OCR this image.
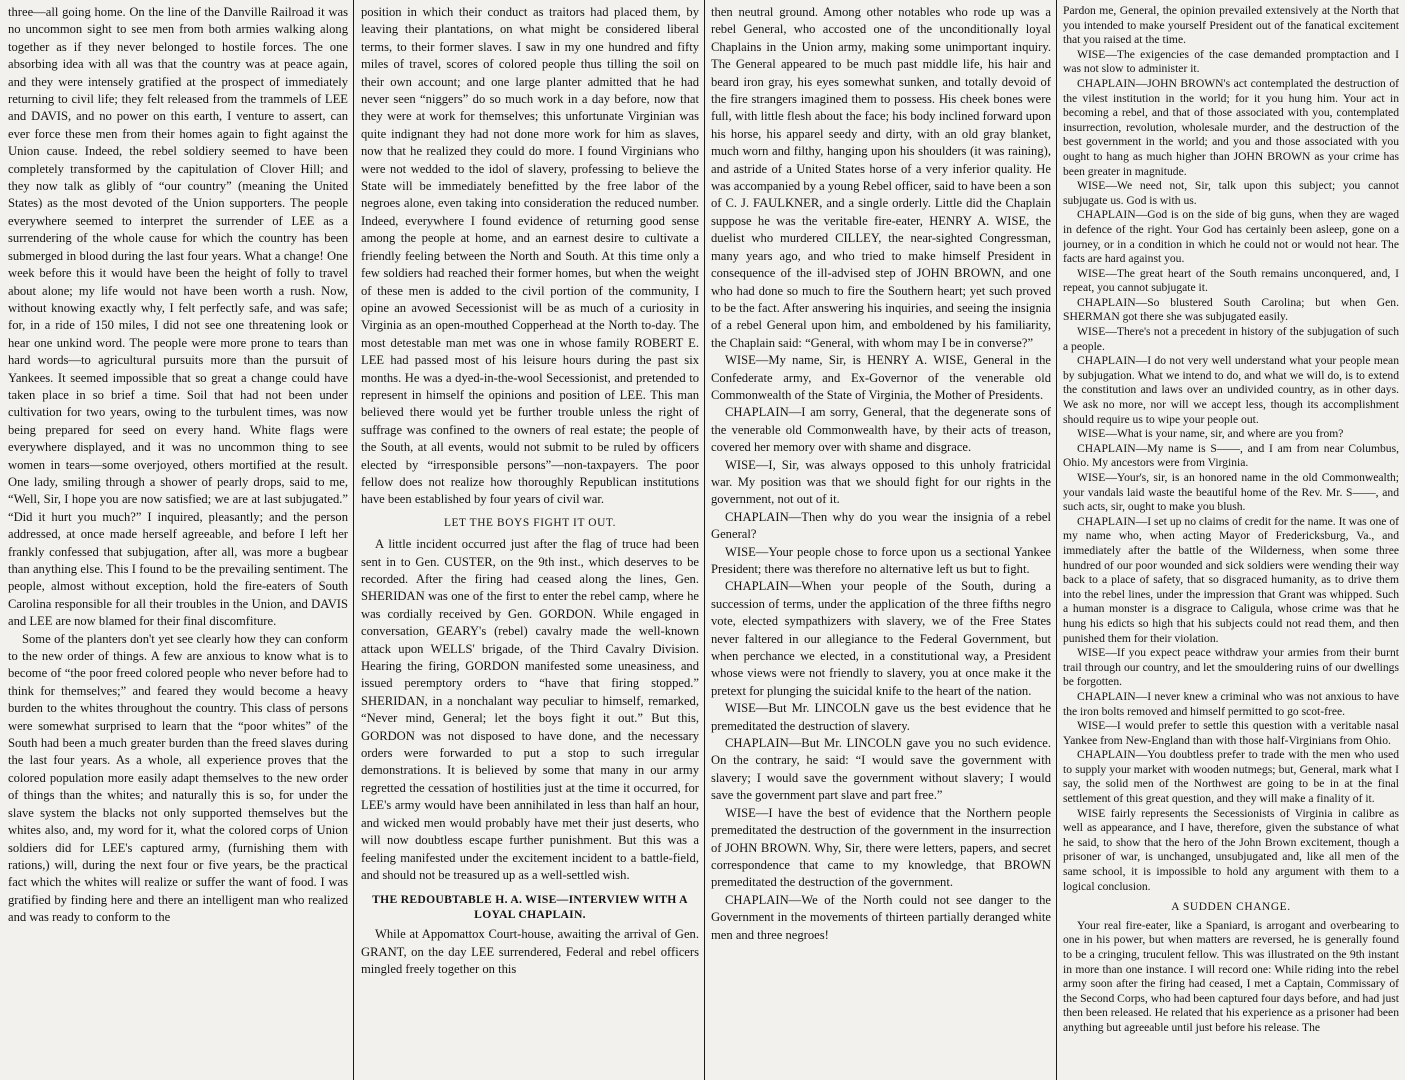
three—all going home. On the line of the Danville Railroad it was no uncommon sight to see men from both armies walking along together as if they never belonged to hostile forces. The one absorbing idea with all was that the country was at peace again, and they were intensely gratified at the prospect of immediately returning to civil life; they felt released from the trammels of LEE and DAVIS, and no power on this earth, I venture to assert, can ever force these men from their homes again to fight against the Union cause. Indeed, the rebel soldiery seemed to have been completely transformed by the capitulation of Clover Hill; and they now talk as glibly of “our country” (meaning the United States) as the most devoted of the Union supporters. The people everywhere seemed to interpret the surrender of LEE as a surrendering of the whole cause for which the country has been submerged in blood during the last four years. What a change! One week before this it would have been the height of folly to travel about alone; my life would not have been worth a rush. Now, without knowing exactly why, I felt perfectly safe, and was safe; for, in a ride of 150 miles, I did not see one threatening look or hear one unkind word. The people were more prone to tears than hard words—to agricultural pursuits more than the pursuit of Yankees. It seemed impossible that so great a change could have taken place in so brief a time. Soil that had not been under cultivation for two years, owing to the turbulent times, was now being prepared for seed on every hand. White flags were everywhere displayed, and it was no uncommon thing to see women in tears—some overjoyed, others mortified at the result. One lady, smiling through a shower of pearly drops, said to me, “Well, Sir, I hope you are now satisfied; we are at last subjugated.” “Did it hurt you much?” I inquired, pleasantly; and the person addressed, at once made herself agreeable, and before I left her frankly confessed that subjugation, after all, was more a bugbear than anything else. This I found to be the prevailing sentiment. The people, almost without exception, hold the fire-eaters of South Carolina responsible for all their troubles in the Union, and DAVIS and LEE are now blamed for their final discomfiture.

Some of the planters don't yet see clearly how they can conform to the new order of things. A few are anxious to know what is to become of “the poor freed colored people who never before had to think for themselves;” and feared they would become a heavy burden to the whites throughout the country. This class of persons were somewhat surprised to learn that the “poor whites” of the South had been a much greater burden than the freed slaves during the last four years. As a whole, all experience proves that the colored population more easily adapt themselves to the new order of things than the whites; and naturally this is so, for under the slave system the blacks not only supported themselves but the whites also, and, my word for it, what the colored corps of Union soldiers did for LEE's captured army, (furnishing them with rations,) will, during the next four or five years, be the practical fact which the whites will realize or suffer the want of food. I was gratified by finding here and there an intelligent man who realized and was ready to conform to the

position in which their conduct as traitors had placed them, by leaving their plantations, on what might be considered liberal terms, to their former slaves. I saw in my one hundred and fifty miles of travel, scores of colored people thus tilling the soil on their own account; and one large planter admitted that he had never seen “niggers” do so much work in a day before, now that they were at work for themselves; this unfortunate Virginian was quite indignant they had not done more work for him as slaves, now that he realized they could do more. I found Virginians who were not wedded to the idol of slavery, professing to believe the State will be immediately benefitted by the free labor of the negroes alone, even taking into consideration the reduced number. Indeed, everywhere I found evidence of returning good sense among the people at home, and an earnest desire to cultivate a friendly feeling between the North and South. At this time only a few soldiers had reached their former homes, but when the weight of these men is added to the civil portion of the community, I opine an avowed Secessionist will be as much of a curiosity in Virginia as an open-mouthed Copperhead at the North to-day. The most detestable man met was one in whose family ROBERT E. LEE had passed most of his leisure hours during the past six months. He was a dyed-in-the-wool Secessionist, and pretended to represent in himself the opinions and position of LEE. This man believed there would yet be further trouble unless the right of suffrage was confined to the owners of real estate; the people of the South, at all events, would not submit to be ruled by officers elected by “irresponsible persons”—non-taxpayers. The poor fellow does not realize how thoroughly Republican institutions have been established by four years of civil war.

LET THE BOYS FIGHT IT OUT.

A little incident occurred just after the flag of truce had been sent in to Gen. CUSTER, on the 9th inst., which deserves to be recorded. After the firing had ceased along the lines, Gen. SHERIDAN was one of the first to enter the rebel camp, where he was cordially received by Gen. GORDON. While engaged in conversation, GEARY's (rebel) cavalry made the well-known attack upon WELLS' brigade, of the Third Cavalry Division. Hearing the firing, GORDON manifested some uneasiness, and issued peremptory orders to “have that firing stopped.” SHERIDAN, in a nonchalant way peculiar to himself, remarked, “Never mind, General; let the boys fight it out.” But this, GORDON was not disposed to have done, and the necessary orders were forwarded to put a stop to such irregular demonstrations. It is believed by some that many in our army regretted the cessation of hostilities just at the time it occurred, for LEE's army would have been annihilated in less than half an hour, and wicked men would probably have met their just deserts, who will now doubtless escape further punishment. But this was a feeling manifested under the excitement incident to a battle-field, and should not be treasured up as a well-settled wish.

THE REDOUBTABLE H. A. WISE—INTERVIEW WITH A LOYAL CHAPLAIN.

While at Appomattox Court-house, awaiting the arrival of Gen. GRANT, on the day LEE surrendered, Federal and rebel officers mingled freely together on this

then neutral ground. Among other notables who rode up was a rebel General, who accosted one of the unconditionally loyal Chaplains in the Union army, making some unimportant inquiry. The General appeared to be much past middle life, his hair and beard iron gray, his eyes somewhat sunken, and totally devoid of the fire strangers imagined them to possess. His cheek bones were full, with little flesh about the face; his body inclined forward upon his horse, his apparel seedy and dirty, with an old gray blanket, much worn and filthy, hanging upon his shoulders (it was raining), and astride of a United States horse of a very inferior quality. He was accompanied by a young Rebel officer, said to have been a son of C. J. FAULKNER, and a single orderly. Little did the Chaplain suppose he was the veritable fire-eater, HENRY A. WISE, the duelist who murdered CILLEY, the near-sighted Congressman, many years ago, and who tried to make himself President in consequence of the ill-advised step of JOHN BROWN, and one who had done so much to fire the Southern heart; yet such proved to be the fact. After answering his inquiries, and seeing the insignia of a rebel General upon him, and emboldened by his familiarity, the Chaplain said: “General, with whom may I be in converse?”

WISE—My name, Sir, is HENRY A. WISE, General in the Confederate army, and Ex-Governor of the venerable old Commonwealth of the State of Virginia, the Mother of Presidents.

CHAPLAIN—I am sorry, General, that the degenerate sons of the venerable old Commonwealth have, by their acts of treason, covered her memory over with shame and disgrace.

WISE—I, Sir, was always opposed to this unholy fratricidal war. My position was that we should fight for our rights in the government, not out of it.

CHAPLAIN—Then why do you wear the insignia of a rebel General?

WISE—Your people chose to force upon us a sectional Yankee President; there was therefore no alternative left us but to fight.

CHAPLAIN—When your people of the South, during a succession of terms, under the application of the three fifths negro vote, elected sympathizers with slavery, we of the Free States never faltered in our allegiance to the Federal Government, but when perchance we elected, in a constitutional way, a President whose views were not friendly to slavery, you at once make it the pretext for plunging the suicidal knife to the heart of the nation.

WISE—But Mr. LINCOLN gave us the best evidence that he premeditated the destruction of slavery.

CHAPLAIN—But Mr. LINCOLN gave you no such evidence. On the contrary, he said: “I would save the government with slavery; I would save the government without slavery; I would save the government part slave and part free.”

WISE—I have the best of evidence that the Northern people premeditated the destruction of the government in the insurrection of JOHN BROWN. Why, Sir, there were letters, papers, and secret correspondence that came to my knowledge, that BROWN premeditated the destruction of the government.

CHAPLAIN—We of the North could not see danger to the Government in the movements of thirteen partially deranged white men and three negroes!

Pardon me, General, the opinion prevailed extensively at the North that you intended to make yourself President out of the fanatical excitement that you raised at the time.

WISE—The exigencies of the case demanded promptaction and I was not slow to administer it.

CHAPLAIN—JOHN BROWN's act contemplated the destruction of the vilest institution in the world; for it you hung him. Your act in becoming a rebel, and that of those associated with you, contemplated insurrection, revolution, wholesale murder, and the destruction of the best government in the world; and you and those associated with you ought to hang as much higher than JOHN BROWN as your crime has been greater in magnitude.

WISE—We need not, Sir, talk upon this subject; you cannot subjugate us. God is with us.

CHAPLAIN—God is on the side of big guns, when they are waged in defence of the right. Your God has certainly been asleep, gone on a journey, or in a condition in which he could not or would not hear. The facts are hard against you.

WISE—The great heart of the South remains unconquered, and, I repeat, you cannot subjugate it.

CHAPLAIN—So blustered South Carolina; but when Gen. SHERMAN got there she was subjugated easily.

WISE—There's not a precedent in history of the subjugation of such a people.

CHAPLAIN—I do not very well understand what your people mean by subjugation. What we intend to do, and what we will do, is to extend the constitution and laws over an undivided country, as in other days. We ask no more, nor will we accept less, though its accomplishment should require us to wipe your people out.

WISE—What is your name, sir, and where are you from?

CHAPLAIN—My name is S——, and I am from near Columbus, Ohio. My ancestors were from Virginia.

WISE—Your's, sir, is an honored name in the old Commonwealth; your vandals laid waste the beautiful home of the Rev. Mr. S——, and such acts, sir, ought to make you blush.

CHAPLAIN—I set up no claims of credit for the name. It was one of my name who, when acting Mayor of Fredericksburg, Va., and immediately after the battle of the Wilderness, when some three hundred of our poor wounded and sick soldiers were wending their way back to a place of safety, that so disgraced humanity, as to drive them into the rebel lines, under the impression that Grant was whipped. Such a human monster is a disgrace to Caligula, whose crime was that he hung his edicts so high that his subjects could not read them, and then punished them for their violation.

WISE—If you expect peace withdraw your armies from their burnt trail through our country, and let the smouldering ruins of our dwellings be forgotten.

CHAPLAIN—I never knew a criminal who was not anxious to have the iron bolts removed and himself permitted to go scot-free.

WISE—I would prefer to settle this question with a veritable nasal Yankee from New-England than with those half-Virginians from Ohio.

CHAPLAIN—You doubtless prefer to trade with the men who used to supply your market with wooden nutmegs; but, General, mark what I say, the solid men of the Northwest are going to be in at the final settlement of this great question, and they will make a finality of it.

WISE fairly represents the Secessionists of Virginia in calibre as well as appearance, and I have, therefore, given the substance of what he said, to show that the hero of the John Brown excitement, though a prisoner of war, is unchanged, unsubjugated and, like all men of the same school, it is impossible to hold any argument with them to a logical conclusion.

A SUDDEN CHANGE.

Your real fire-eater, like a Spaniard, is arrogant and overbearing to one in his power, but when matters are reversed, he is generally found to be a cringing, truculent fellow. This was illustrated on the 9th instant in more than one instance. I will record one: While riding into the rebel army soon after the firing had ceased, I met a Captain, Commissary of the Second Corps, who had been captured four days before, and had just then been released. He related that his experience as a prisoner had been anything but agreeable until just before his release. The
